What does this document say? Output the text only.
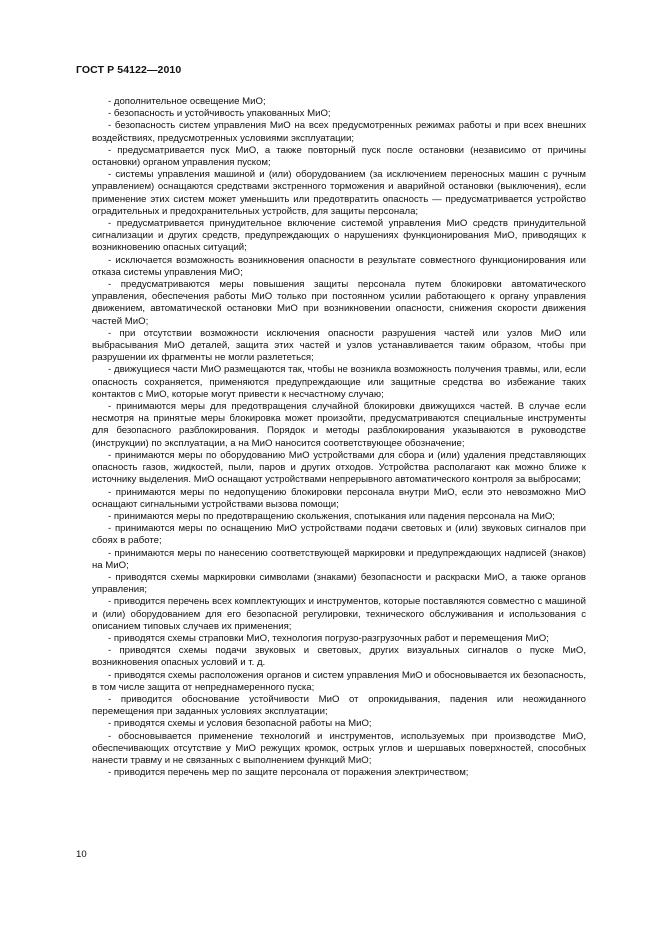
ГОСТ Р 54122—2010

- дополнительное освещение МиО;

- безопасность и устойчивость упакованных МиО;

- безопасность систем управления МиО на всех предусмотренных режимах работы и при всех внешних воздействиях, предусмотренных условиями эксплуатации;

- предусматривается пуск МиО, а также повторный пуск после остановки (независимо от причины остановки) органом управления пуском;

- системы управления машиной и (или) оборудованием (за исключением переносных машин с ручным управлением) оснащаются средствами экстренного торможения и аварийной остановки (выключения), если применение этих систем может уменьшить или предотвратить опасность — предусматривается устройство оградительных и предохранительных устройств, для защиты персонала;

- предусматривается принудительное включение системой управления МиО средств принудительной сигнализации и других средств, предупреждающих о нарушениях функционирования МиО, приводящих к возникновению опасных ситуаций;

- исключается возможность возникновения опасности в результате совместного функционирования или отказа системы управления МиО;

- предусматриваются меры повышения защиты персонала путем блокировки автоматического управления, обеспечения работы МиО только при постоянном усилии работающего к органу управления движением, автоматической остановки МиО при возникновении опасности, снижения скорости движения частей МиО;

- при отсутствии возможности исключения опасности разрушения частей или узлов МиО или выбрасывания МиО деталей, защита этих частей и узлов устанавливается таким образом, чтобы при разрушении их фрагменты не могли разлететься;

- движущиеся части МиО размещаются так, чтобы не возникла возможность получения травмы, или, если опасность сохраняется, применяются предупреждающие или защитные средства во избежание таких контактов с МиО, которые могут привести к несчастному случаю;

- принимаются меры для предотвращения случайной блокировки движущихся частей. В случае если несмотря на принятые меры блокировка может произойти, предусматриваются специальные инструменты для безопасного разблокирования. Порядок и методы разблокирования указываются в руководстве (инструкции) по эксплуатации, а на МиО наносится соответствующее обозначение;

- принимаются меры по оборудованию МиО устройствами для сбора и (или) удаления представляющих опасность газов, жидкостей, пыли, паров и других отходов. Устройства располагают как можно ближе к источнику выделения. МиО оснащают устройствами непрерывного автоматического контроля за выбросами;

- принимаются меры по недопущению блокировки персонала внутри МиО, если это невозможно МиО оснащают сигнальными устройствами вызова помощи;

- принимаются меры по предотвращению скольжения, спотыкания или падения персонала на МиО;

- принимаются меры по оснащению МиО устройствами подачи световых и (или) звуковых сигналов при сбоях в работе;

- принимаются меры по нанесению соответствующей маркировки и предупреждающих надписей (знаков) на МиО;

- приводятся схемы маркировки символами (знаками) безопасности и раскраски МиО, а также органов управления;

- приводится перечень всех комплектующих и инструментов, которые поставляются совместно с машиной и (или) оборудованием для его безопасной регулировки, технического обслуживания и использования с описанием типовых случаев их применения;

- приводятся схемы страповки МиО, технология погрузо-разгрузочных работ и перемещения МиО;

- приводятся схемы подачи звуковых и световых, других визуальных сигналов о пуске МиО, возникновения опасных условий и т. д.

- приводятся схемы расположения органов и систем управления МиО и обосновывается их безопасность, в том числе защита от непреднамеренного пуска;

- приводится обоснование устойчивости МиО от опрокидывания, падения или неожиданного перемещения при заданных условиях эксплуатации;

- приводятся схемы и условия безопасной работы на МиО;

- обосновывается применение технологий и инструментов, используемых при производстве МиО, обеспечивающих отсутствие у МиО режущих кромок, острых углов и шершавых поверхностей, способных нанести травму и не связанных с выполнением функций МиО;

- приводится перечень мер по защите персонала от поражения электричеством;

10
